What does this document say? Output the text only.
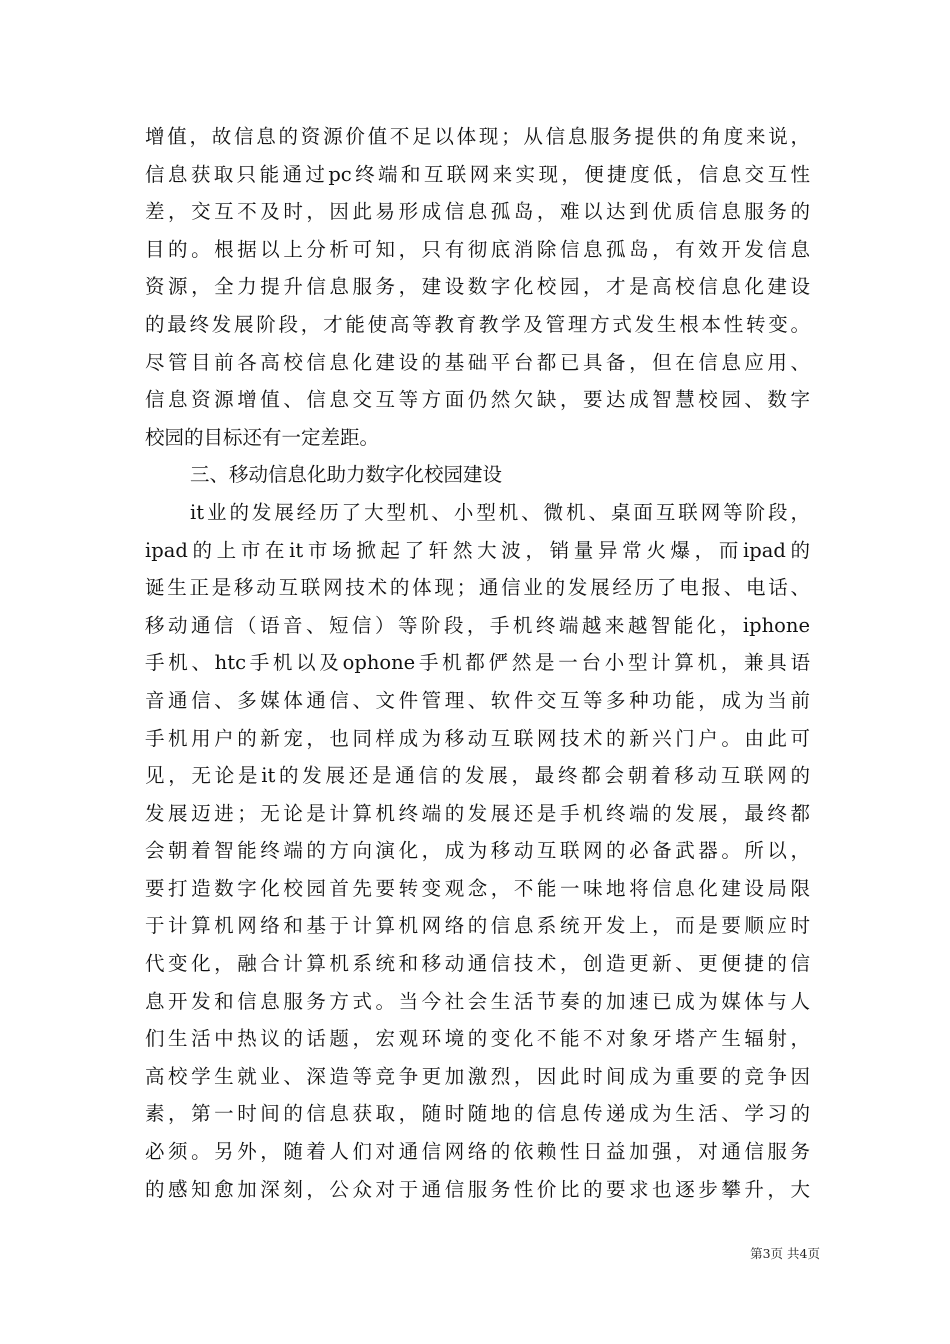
增值，故信息的资源价值不足以体现；从信息服务提供的角度来说，
信息获取只能通过pc终端和互联网来实现，便捷度低，信息交互性
差，交互不及时，因此易形成信息孤岛，难以达到优质信息服务的
目的。根据以上分析可知，只有彻底消除信息孤岛，有效开发信息
资源，全力提升信息服务，建设数字化校园，才是高校信息化建设
的最终发展阶段，才能使高等教育教学及管理方式发生根本性转变。
尽管目前各高校信息化建设的基础平台都已具备，但在信息应用、
信息资源增值、信息交互等方面仍然欠缺，要达成智慧校园、数字
校园的目标还有一定差距。
三、移动信息化助力数字化校园建设
it业的发展经历了大型机、小型机、微机、桌面互联网等阶段，
ipad的上市在it市场掀起了轩然大波，销量异常火爆，而ipad的
诞生正是移动互联网技术的体现；通信业的发展经历了电报、电话、
移动通信（语音、短信）等阶段，手机终端越来越智能化，iphone
手机、htc手机以及ophone手机都俨然是一台小型计算机，兼具语
音通信、多媒体通信、文件管理、软件交互等多种功能，成为当前
手机用户的新宠，也同样成为移动互联网技术的新兴门户。由此可
见，无论是it的发展还是通信的发展，最终都会朝着移动互联网的
发展迈进；无论是计算机终端的发展还是手机终端的发展，最终都
会朝着智能终端的方向演化，成为移动互联网的必备武器。所以，
要打造数字化校园首先要转变观念，不能一味地将信息化建设局限
于计算机网络和基于计算机网络的信息系统开发上，而是要顺应时
代变化，融合计算机系统和移动通信技术，创造更新、更便捷的信
息开发和信息服务方式。当今社会生活节奏的加速已成为媒体与人
们生活中热议的话题，宏观环境的变化不能不对象牙塔产生辐射，
高校学生就业、深造等竞争更加激烈，因此时间成为重要的竞争因
素，第一时间的信息获取，随时随地的信息传递成为生活、学习的
必须。另外，随着人们对通信网络的依赖性日益加强，对通信服务
的感知愈加深刻，公众对于通信服务性价比的要求也逐步攀升，大
第3页 共4页
